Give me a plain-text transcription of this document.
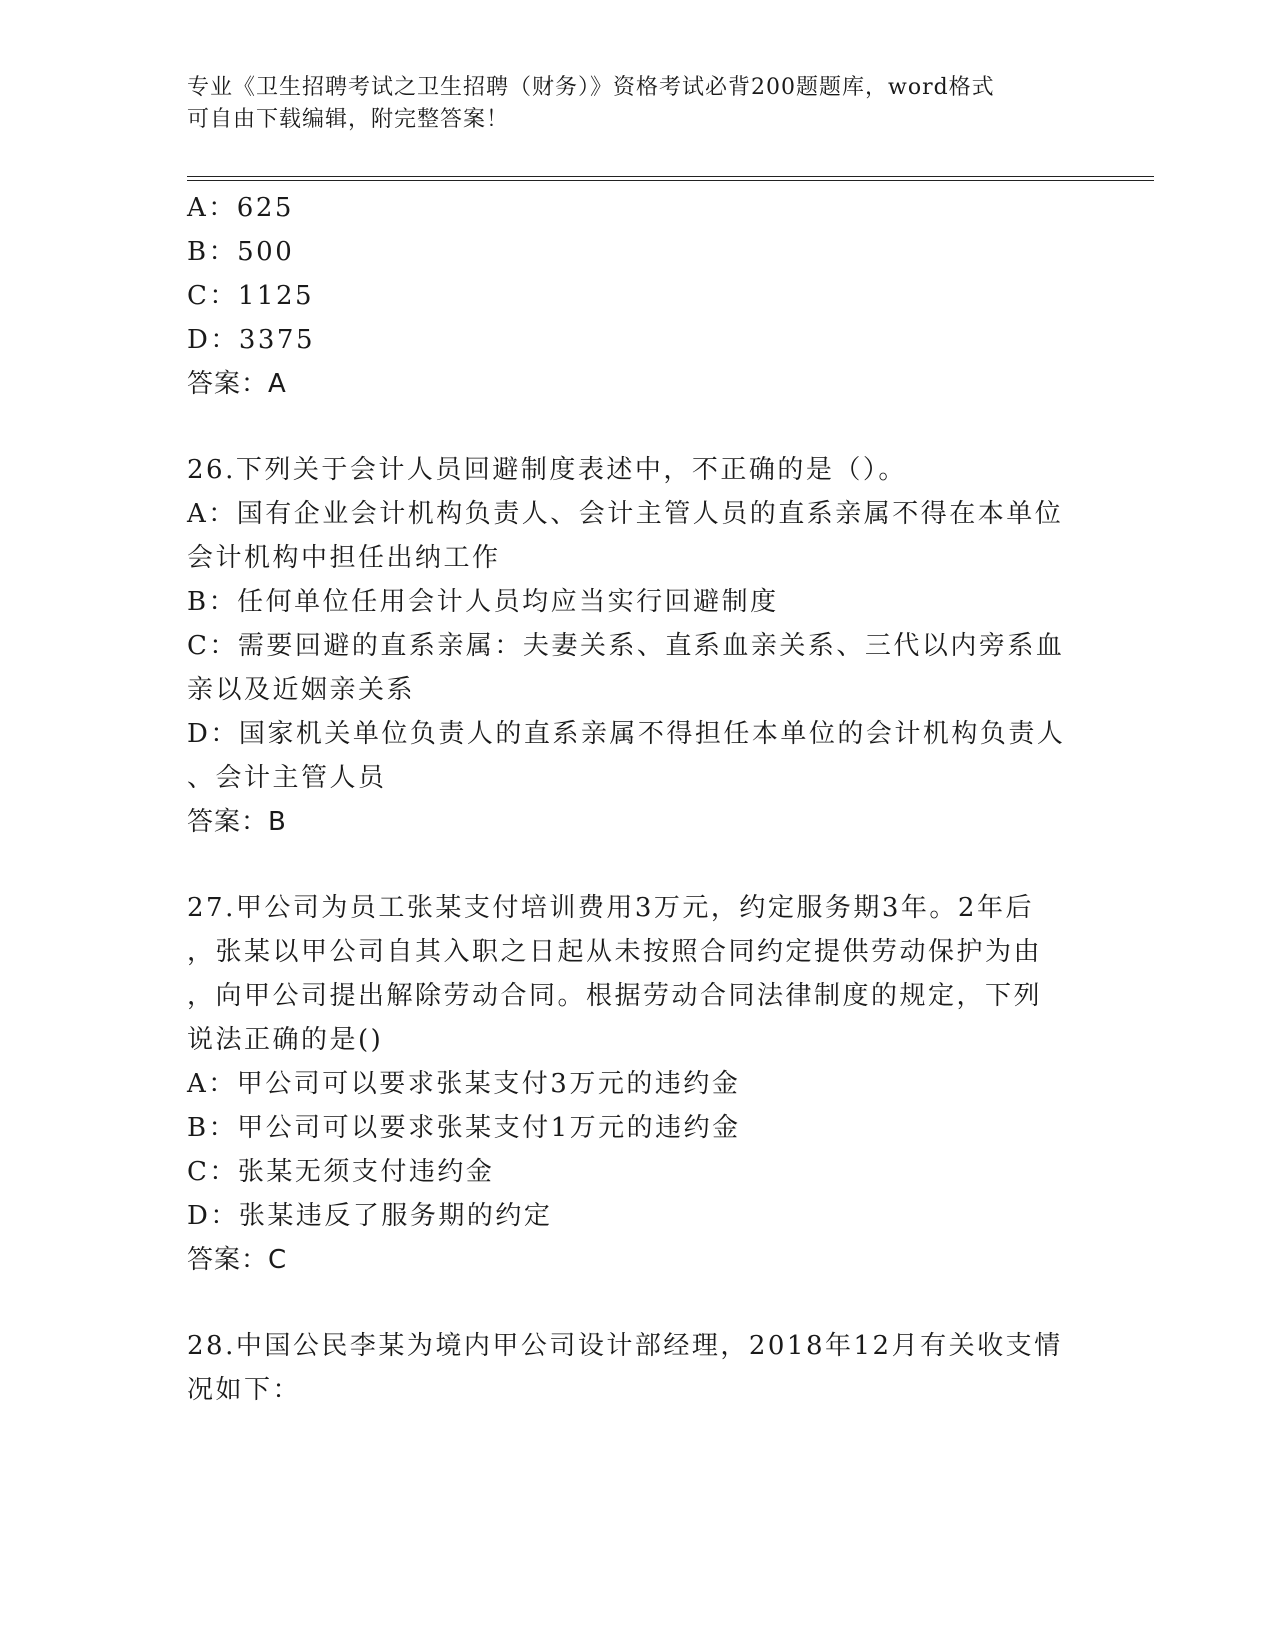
专业《卫生招聘考试之卫生招聘（财务）》资格考试必背200题题库，word格式
可自由下载编辑，附完整答案！
A：625
B：500
C：1125
D：3375
答案：A
26.下列关于会计人员回避制度表述中，不正确的是（）。
A：国有企业会计机构负责人、会计主管人员的直系亲属不得在本单位
会计机构中担任出纳工作
B：任何单位任用会计人员均应当实行回避制度
C：需要回避的直系亲属：夫妻关系、直系血亲关系、三代以内旁系血
亲以及近姻亲关系
D：国家机关单位负责人的直系亲属不得担任本单位的会计机构负责人
、会计主管人员
答案：B
27.甲公司为员工张某支付培训费用3万元，约定服务期3年。2年后
，张某以甲公司自其入职之日起从未按照合同约定提供劳动保护为由
，向甲公司提出解除劳动合同。根据劳动合同法律制度的规定，下列
说法正确的是()
A：甲公司可以要求张某支付3万元的违约金
B：甲公司可以要求张某支付1万元的违约金
C：张某无须支付违约金
D：张某违反了服务期的约定
答案：C
28.中国公民李某为境内甲公司设计部经理，2018年12月有关收支情
况如下：
